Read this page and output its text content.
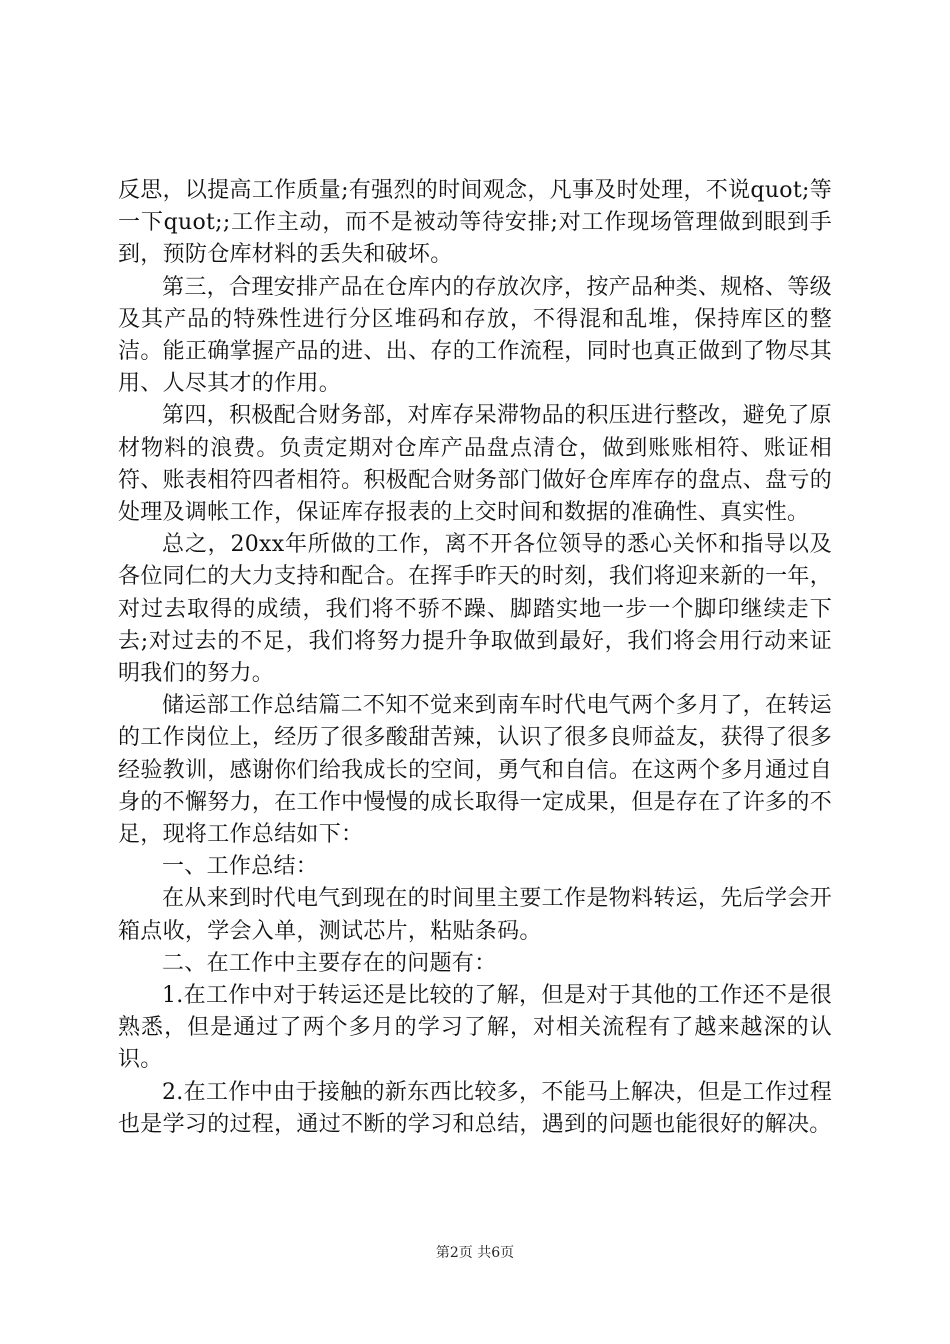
反思，以提高工作质量;有强烈的时间观念，凡事及时处理，不说quot;等一下quot;;工作主动，而不是被动等待安排;对工作现场管理做到眼到手到，预防仓库材料的丢失和破坏。

第三，合理安排产品在仓库内的存放次序，按产品种类、规格、等级及其产品的特殊性进行分区堆码和存放，不得混和乱堆，保持库区的整洁。能正确掌握产品的进、出、存的工作流程，同时也真正做到了物尽其用、人尽其才的作用。

第四，积极配合财务部，对库存呆滞物品的积压进行整改，避免了原材物料的浪费。负责定期对仓库产品盘点清仓，做到账账相符、账证相符、账表相符四者相符。积极配合财务部门做好仓库库存的盘点、盘亏的处理及调帐工作，保证库存报表的上交时间和数据的准确性、真实性。

总之，20xx年所做的工作，离不开各位领导的悉心关怀和指导以及各位同仁的大力支持和配合。在挥手昨天的时刻，我们将迎来新的一年，对过去取得的成绩，我们将不骄不躁、脚踏实地一步一个脚印继续走下去;对过去的不足，我们将努力提升争取做到最好，我们将会用行动来证明我们的努力。

储运部工作总结篇二不知不觉来到南车时代电气两个多月了，在转运的工作岗位上，经历了很多酸甜苦辣，认识了很多良师益友，获得了很多经验教训，感谢你们给我成长的空间，勇气和自信。在这两个多月通过自身的不懈努力，在工作中慢慢的成长取得一定成果，但是存在了许多的不足，现将工作总结如下：

一、工作总结：

在从来到时代电气到现在的时间里主要工作是物料转运，先后学会开箱点收，学会入单，测试芯片，粘贴条码。

二、在工作中主要存在的问题有：

1.在工作中对于转运还是比较的了解，但是对于其他的工作还不是很熟悉，但是通过了两个多月的学习了解，对相关流程有了越来越深的认识。

2.在工作中由于接触的新东西比较多，不能马上解决，但是工作过程也是学习的过程，通过不断的学习和总结，遇到的问题也能很好的解决。

第2页 共6页
